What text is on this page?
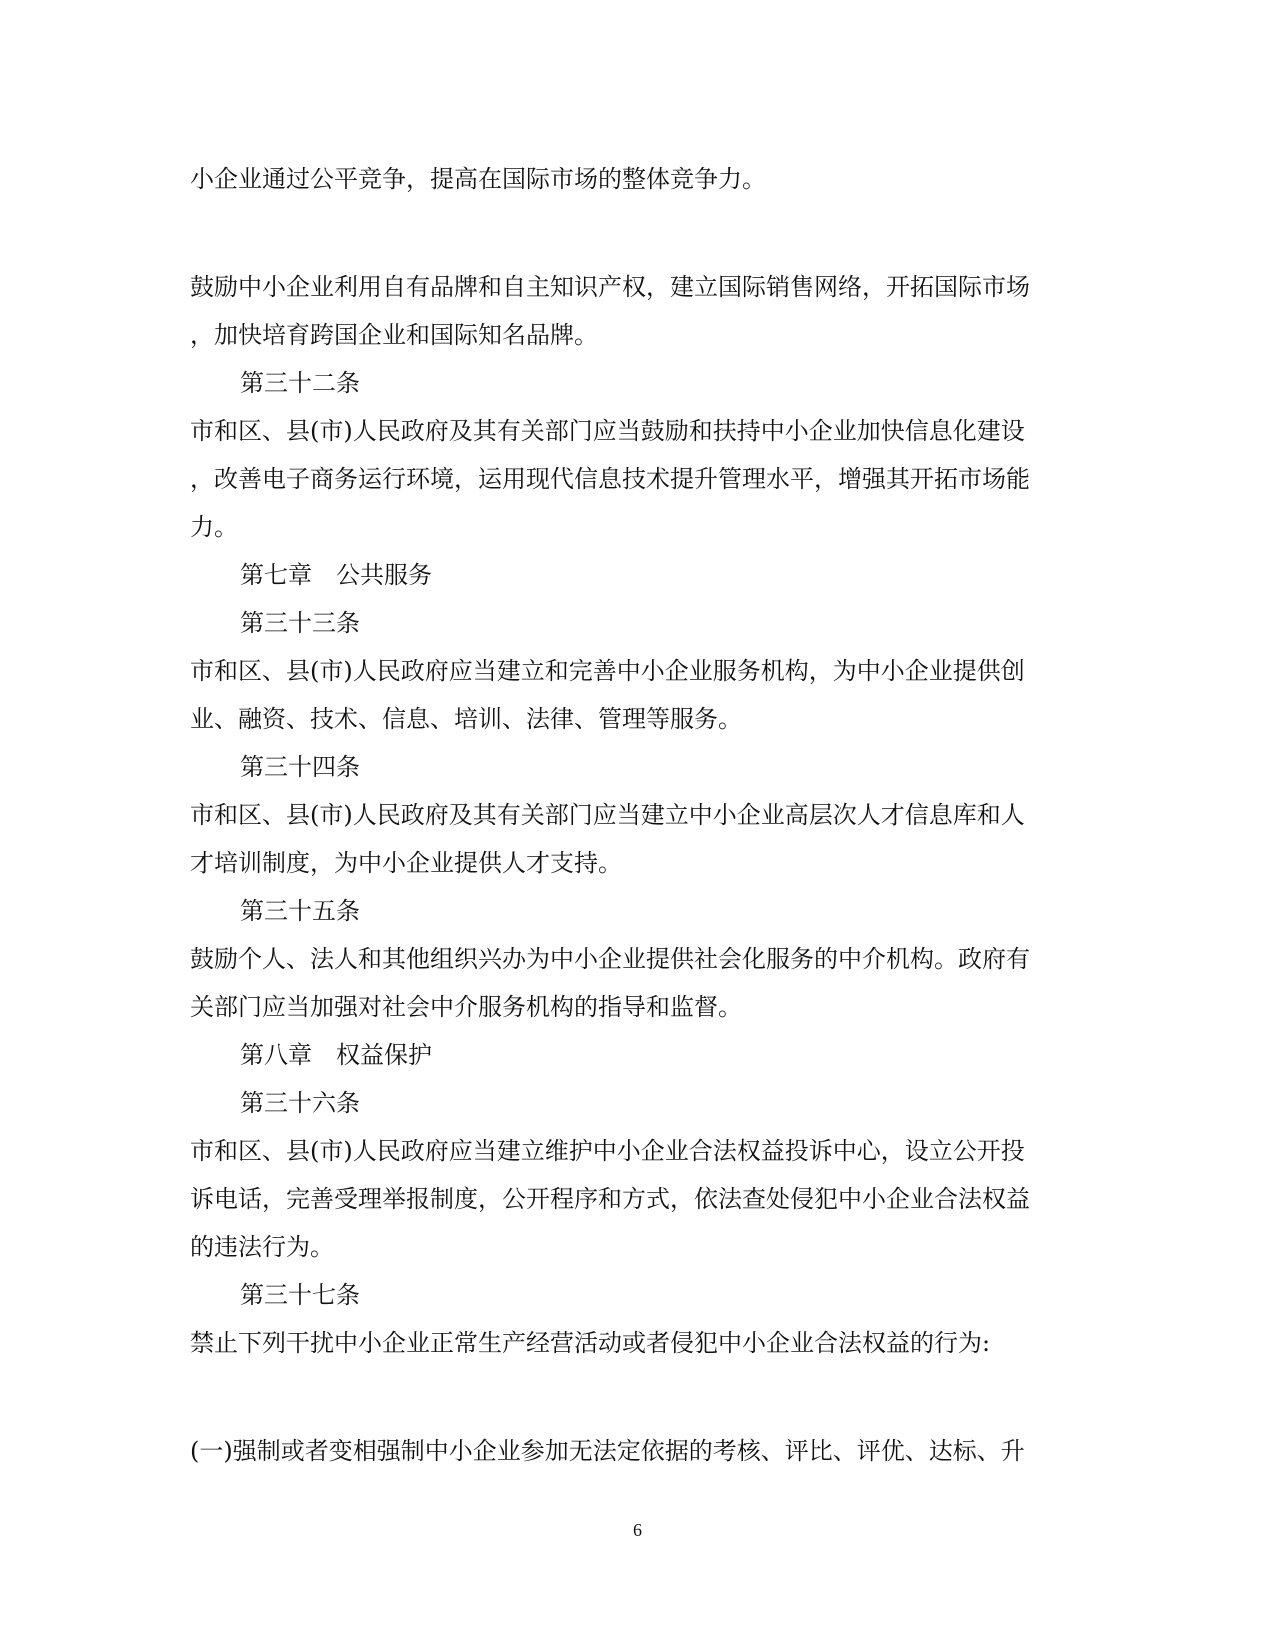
小企业通过公平竞争，提高在国际市场的整体竞争力。
鼓励中小企业利用自有品牌和自主知识产权，建立国际销售网络，开拓国际市场
，加快培育跨国企业和国际知名品牌。
第三十二条
市和区、县(市)人民政府及其有关部门应当鼓励和扶持中小企业加快信息化建设
，改善电子商务运行环境，运用现代信息技术提升管理水平，增强其开拓市场能
力。
第七章　公共服务
第三十三条
市和区、县(市)人民政府应当建立和完善中小企业服务机构，为中小企业提供创
业、融资、技术、信息、培训、法律、管理等服务。
第三十四条
市和区、县(市)人民政府及其有关部门应当建立中小企业高层次人才信息库和人
才培训制度，为中小企业提供人才支持。
第三十五条
鼓励个人、法人和其他组织兴办为中小企业提供社会化服务的中介机构。政府有
关部门应当加强对社会中介服务机构的指导和监督。
第八章　权益保护
第三十六条
市和区、县(市)人民政府应当建立维护中小企业合法权益投诉中心，设立公开投
诉电话，完善受理举报制度，公开程序和方式，依法查处侵犯中小企业合法权益
的违法行为。
第三十七条
禁止下列干扰中小企业正常生产经营活动或者侵犯中小企业合法权益的行为:
(一)强制或者变相强制中小企业参加无法定依据的考核、评比、评优、达标、升
6
